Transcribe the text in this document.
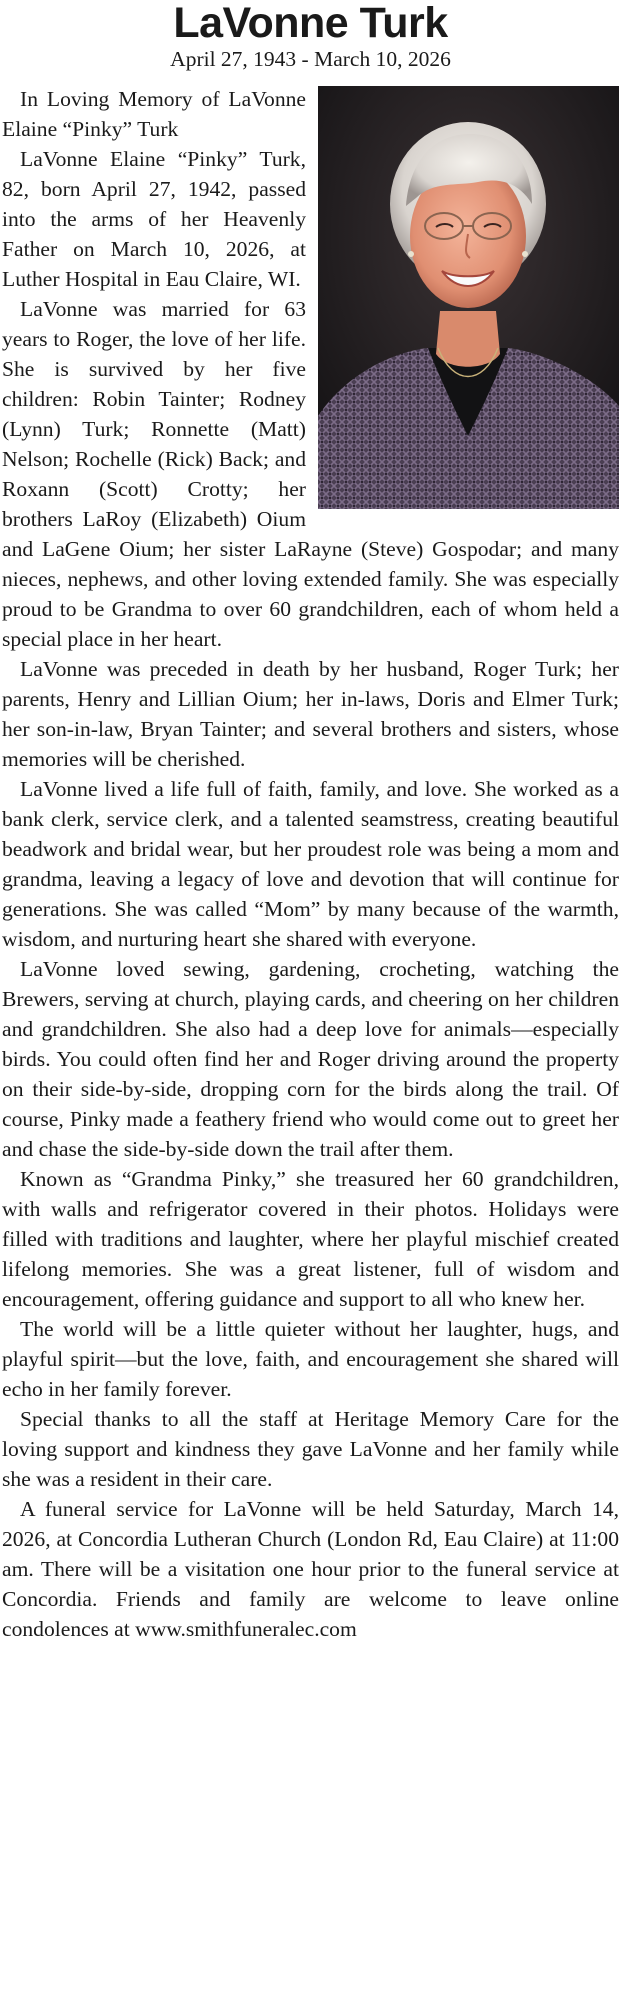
LaVonne Turk
April 27, 1943 - March 10, 2026

In Loving Memory of LaVonne Elaine “Pinky” Turk

LaVonne Elaine “Pinky” Turk, 82, born April 27, 1942, passed into the arms of her Heavenly Father on March 10, 2026, at Luther Hospital in Eau Claire, WI.

LaVonne was married for 63 years to Roger, the love of her life. She is survived by her five children: Robin Tainter; Rodney (Lynn) Turk; Ronnette (Matt) Nelson; Rochelle (Rick) Back; and Roxann (Scott) Crotty; her brothers LaRoy (Elizabeth) Oium and LaGene Oium; her sister LaRayne (Steve) Gospodar; and many nieces, nephews, and other loving extended family. She was especially proud to be Grandma to over 60 grandchildren, each of whom held a special place in her heart.

LaVonne was preceded in death by her husband, Roger Turk; her parents, Henry and Lillian Oium; her in-laws, Doris and Elmer Turk; her son-in-law, Bryan Tainter; and several brothers and sisters, whose memories will be cherished.

LaVonne lived a life full of faith, family, and love. She worked as a bank clerk, service clerk, and a talented seamstress, creating beautiful beadwork and bridal wear, but her proudest role was being a mom and grandma, leaving a legacy of love and devotion that will continue for generations. She was called “Mom” by many because of the warmth, wisdom, and nurturing heart she shared with everyone.

LaVonne loved sewing, gardening, crocheting, watching the Brewers, serving at church, playing cards, and cheering on her children and grandchildren. She also had a deep love for animals—especially birds. You could often find her and Roger driving around the property on their side-by-side, dropping corn for the birds along the trail. Of course, Pinky made a feathery friend who would come out to greet her and chase the side-by-side down the trail after them.

Known as “Grandma Pinky,” she treasured her 60 grandchildren, with walls and refrigerator covered in their photos. Holidays were filled with traditions and laughter, where her playful mischief created lifelong memories. She was a great listener, full of wisdom and encouragement, offering guidance and support to all who knew her.

The world will be a little quieter without her laughter, hugs, and playful spirit—but the love, faith, and encouragement she shared will echo in her family forever.

Special thanks to all the staff at Heritage Memory Care for the loving support and kindness they gave LaVonne and her family while she was a resident in their care.

A funeral service for LaVonne will be held Saturday, March 14, 2026, at Concordia Lutheran Church (London Rd, Eau Claire) at 11:00 am. There will be a visitation one hour prior to the funeral service at Concordia. Friends and family are welcome to leave online condolences at www.smithfuneralec.com
